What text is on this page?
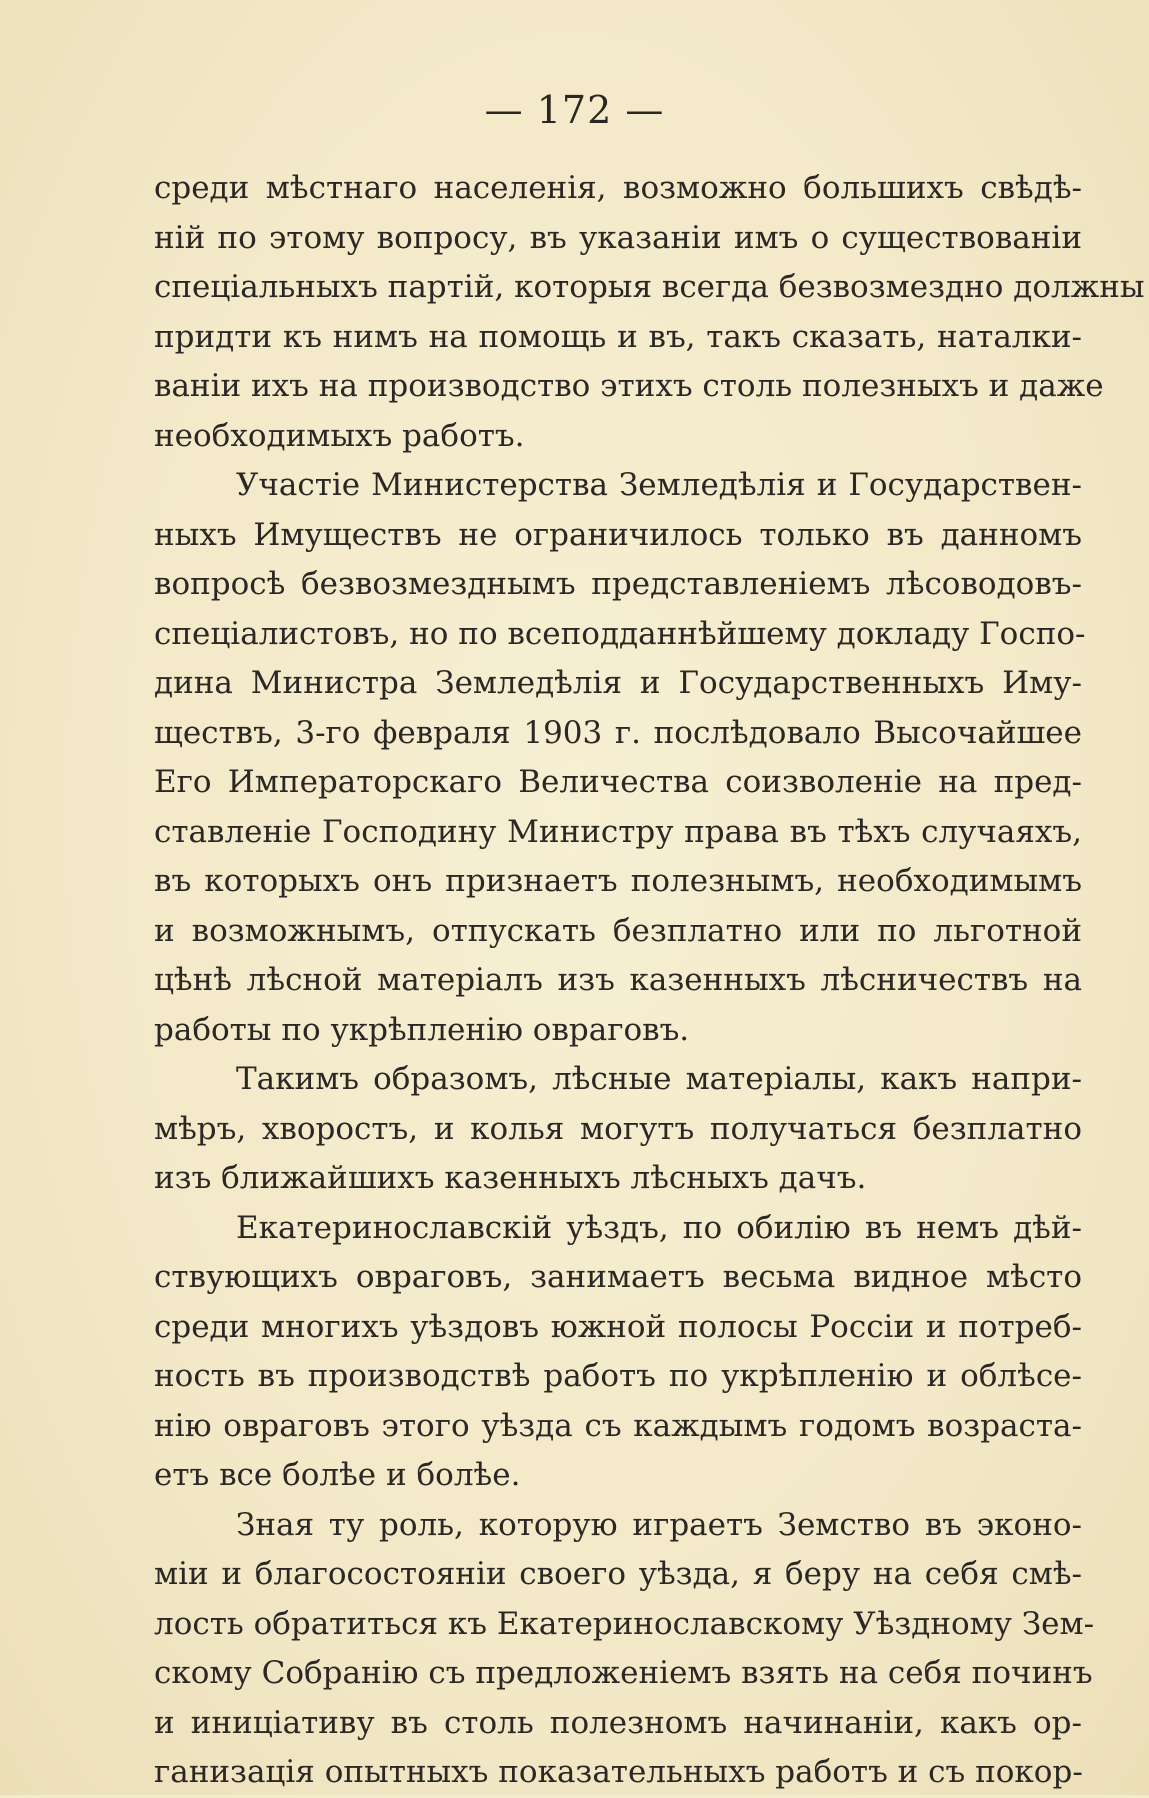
— 172 —
среди мѣстнаго населенія, возможно большихъ свѣдѣ-
ній по этому вопросу, въ указаніи имъ о существованіи
спеціальныхъ партій, которыя всегда безвозмездно должны
придти къ нимъ на помощь и въ, такъ сказать, наталки-
ваніи ихъ на производство этихъ столь полезныхъ и даже
необходимыхъ работъ.
Участіе Министерства Земледѣлія и Государствен-
ныхъ Имуществъ не ограничилось только въ данномъ
вопросѣ безвозмезднымъ представленіемъ лѣсоводовъ-
спеціалистовъ, но по всеподданнѣйшему докладу Госпо-
дина Министра Земледѣлія и Государственныхъ Иму-
ществъ, 3-го февраля 1903 г. послѣдовало Высочайшее
Его Императорскаго Величества соизволеніе на пред-
ставленіе Господину Министру права въ тѣхъ случаяхъ,
въ которыхъ онъ признаетъ полезнымъ, необходимымъ
и возможнымъ, отпускать безплатно или по льготной
цѣнѣ лѣсной матеріалъ изъ казенныхъ лѣсничествъ на
работы по укрѣпленію овраговъ.
Такимъ образомъ, лѣсные матеріалы, какъ напри-
мѣръ, хворостъ, и колья могутъ получаться безплатно
изъ ближайшихъ казенныхъ лѣсныхъ дачъ.
Екатеринославскій уѣздъ, по обилію въ немъ дѣй-
ствующихъ овраговъ, занимаетъ весьма видное мѣсто
среди многихъ уѣздовъ южной полосы Россіи и потреб-
ность въ производствѣ работъ по укрѣпленію и облѣсе-
нію овраговъ этого уѣзда съ каждымъ годомъ возраста-
етъ все болѣе и болѣе.
Зная ту роль, которую играетъ Земство въ эконо-
міи и благосостояніи своего уѣзда, я беру на себя смѣ-
лость обратиться къ Екатеринославскому Уѣздному Зем-
скому Собранію съ предложеніемъ взять на себя починъ
и иниціативу въ столь полезномъ начинаніи, какъ ор-
ганизація опытныхъ показательныхъ работъ и съ покор-
